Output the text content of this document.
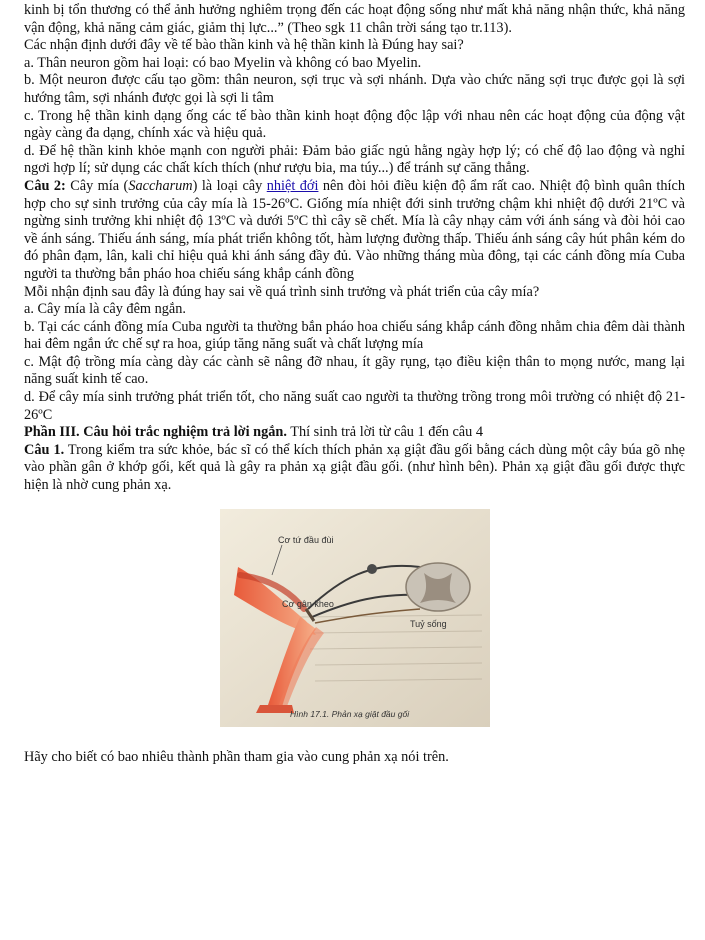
kinh bị tổn thương có thể ảnh hưởng nghiêm trọng đến các hoạt động sống như mất khả năng nhận thức, khả năng vận động, khả năng cảm giác, giảm thị lực...” (Theo sgk 11 chân trời sáng tạo tr.113).

Các nhận định dưới đây về tế bào thần kinh và hệ thần kinh là Đúng hay sai?

a. Thân neuron gồm hai loại: có bao Myelin và không có bao Myelin.

b. Một neuron được cấu tạo gồm: thân neuron, sợi trục và sợi nhánh. Dựa vào chức năng sợi trục được gọi là sợi hướng tâm, sợi nhánh được gọi là sợi li tâm

c. Trong hệ thần kinh dạng ống các tế bào thần kinh hoạt động độc lập với nhau nên các hoạt động của động vật ngày càng đa dạng, chính xác và hiệu quả.

d. Để hệ thần kinh khỏe mạnh con người phải: Đảm bảo giấc ngủ hằng ngày hợp lý; có chế độ lao động và nghỉ ngơi hợp lí; sử dụng các chất kích thích (như rượu bia, ma túy...) để tránh sự căng thẳng.

Câu 2: Cây mía (Saccharum) là loại cây nhiệt đới nên đòi hỏi điều kiện độ ẩm rất cao. Nhiệt độ bình quân thích hợp cho sự sinh trưởng của cây mía là 15-26ºC. Giống mía nhiệt đới sinh trưởng chậm khi nhiệt độ dưới 21ºC và ngừng sinh trưởng khi nhiệt độ 13ºC và dưới 5ºC thì cây sẽ chết. Mía là cây nhạy cảm với ánh sáng và đòi hỏi cao về ánh sáng. Thiếu ánh sáng, mía phát triển không tốt, hàm lượng đường thấp. Thiếu ánh sáng cây hút phân kém do đó phân đạm, lân, kali chỉ hiệu quả khi ánh sáng đầy đủ. Vào những tháng mùa đông, tại các cánh đồng mía Cuba người ta thường bắn pháo hoa chiếu sáng khắp cánh đồng

Mỗi nhận định sau đây là đúng hay sai về quá trình sinh trưởng và phát triển của cây mía?

a. Cây mía là cây đêm ngắn.

b. Tại các cánh đồng mía Cuba người ta thường bắn pháo hoa chiếu sáng khắp cánh đồng nhằm chia đêm dài thành hai đêm ngắn ức chế sự ra hoa, giúp tăng năng suất và chất lượng mía

c. Mật độ trồng mía càng dày các cành sẽ nâng đỡ nhau, ít gãy rụng, tạo điều kiện thân to mọng nước, mang lại năng suất kinh tế cao.

d. Để cây mía sinh trưởng phát triển tốt, cho năng suất cao người ta thường trồng trong môi trường có nhiệt độ 21-26ºC

Phần III. Câu hỏi trắc nghiệm trả lời ngắn. Thí sinh trả lời từ câu 1 đến câu 4

Câu 1. Trong kiểm tra sức khỏe, bác sĩ có thể kích thích phản xạ giật đầu gối bằng cách dùng một cây búa gõ nhẹ vào phần gân ở khớp gối, kết quả là gây ra phản xạ giật đầu gối. (như hình bên). Phản xạ giật đầu gối được thực hiện là nhờ cung phản xạ.

Cơ tứ đầu đùi
Cơ gân kheo
Tuỷ sống
Hình 17.1. Phản xạ giật đầu gối

Hãy cho biết có bao nhiêu thành phần tham gia vào cung phản xạ nói trên.
